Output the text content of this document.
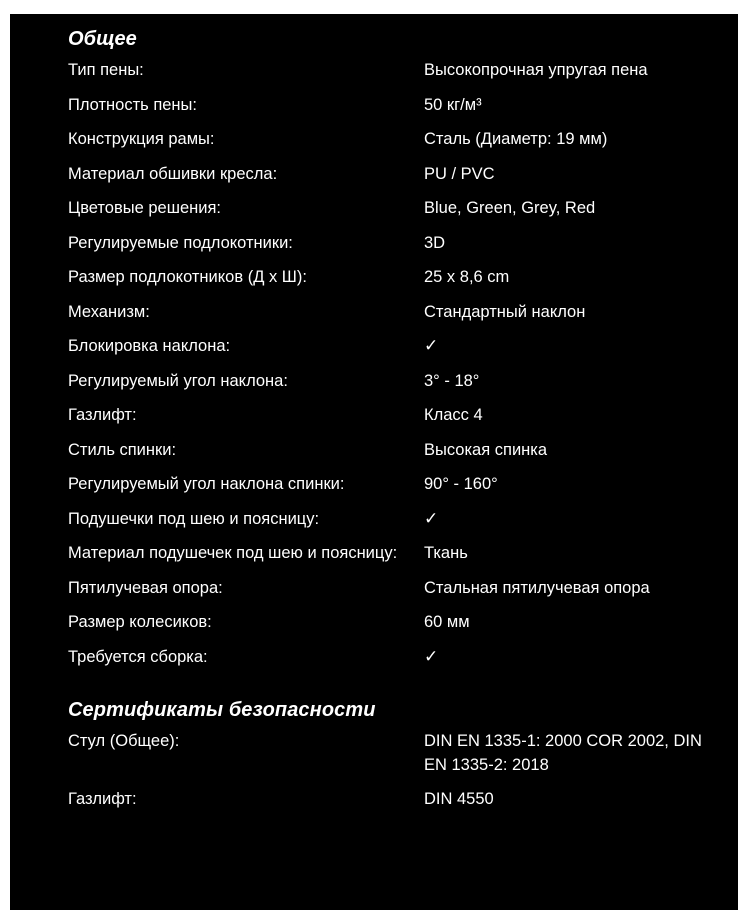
Общее
Тип пены:	Высокопрочная упругая пена
Плотность пены:	50 кг/м³
Конструкция рамы:	Сталь (Диаметр: 19 мм)
Материал обшивки кресла:	PU / PVC
Цветовые решения:	Blue, Green, Grey, Red
Регулируемые подлокотники:	3D
Размер подлокотников (Д х Ш):	25 x 8,6 cm
Механизм:	Стандартный наклон
Блокировка наклона:	✓
Регулируемый угол наклона:	3° - 18°
Газлифт:	Класс 4
Стиль спинки:	Высокая спинка
Регулируемый угол наклона спинки:	90° - 160°
Подушечки под шею и поясницу:	✓
Материал подушечек под шею и поясницу:	Ткань
Пятилучевая опора:	Стальная пятилучевая опора
Размер колесиков:	60 мм
Требуется сборка:	✓
Сертификаты безопасности
Стул (Общее):	DIN EN 1335-1: 2000 COR 2002, DIN EN 1335-2: 2018
Газлифт:	DIN 4550
